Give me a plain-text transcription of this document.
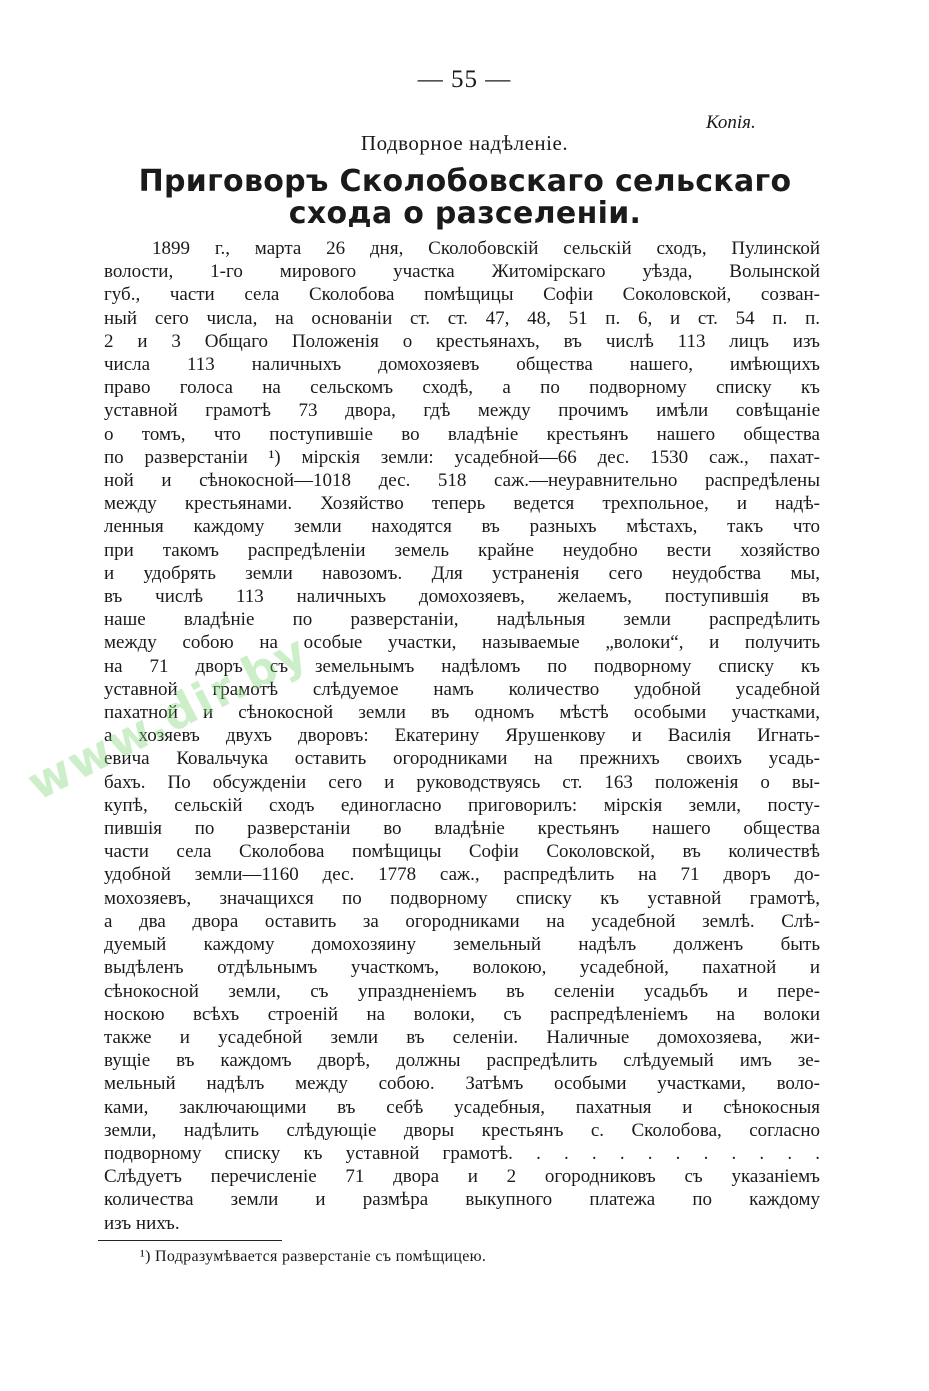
— 55 —
Копія.
Подворное надѣленіе.
Приговоръ Сколобовскаго сельскаго схода о разселеніи.
1899 г., марта 26 дня, Сколобовскій сельскій сходъ, Пулинской
волости, 1-го мирового участка Житомірскаго уѣзда, Волынской
губ., части села Сколобова помѣщицы Софіи Соколовской, созван-
ный сего числа, на основаніи ст. ст. 47, 48, 51 п. 6, и ст. 54 п. п.
2 и 3 Общаго Положенія о крестьянахъ, въ числѣ 113 лицъ изъ
числа 113 наличныхъ домохозяевъ общества нашего, имѣющихъ
право голоса на сельскомъ сходѣ, а по подворному списку къ
уставной грамотѣ 73 двора, гдѣ между прочимъ имѣли совѣщаніе
о томъ, что поступившіе во владѣніе крестьянъ нашего общества
по разверстаніи ¹) мірскія земли: усадебной—66 дес. 1530 саж., пахат-
ной и сѣнокосной—1018 дес. 518 саж.—неуравнительно распредѣлены
между крестьянами. Хозяйство теперь ведется трехпольное, и надѣ-
ленныя каждому земли находятся въ разныхъ мѣстахъ, такъ что
при такомъ распредѣленіи земель крайне неудобно вести хозяйство
и удобрять земли навозомъ. Для устраненія сего неудобства мы,
въ числѣ 113 наличныхъ домохозяевъ, желаемъ, поступившія въ
наше владѣніе по разверстаніи, надѣльныя земли распредѣлить
между собою на особые участки, называемые „волоки“, и получить
на 71 дворъ съ земельнымъ надѣломъ по подворному списку къ
уставной грамотѣ слѣдуемое намъ количество удобной усадебной
пахатной и сѣнокосной земли въ одномъ мѣстѣ особыми участками,
а хозяевъ двухъ дворовъ: Екатерину Ярушенкову и Василія Игнать-
евича Ковальчука оставить огородниками на прежнихъ своихъ усадь-
бахъ. По обсужденіи сего и руководствуясь ст. 163 положенія о вы-
купѣ, сельскій сходъ единогласно приговорилъ: мірскія земли, посту-
пившія по разверстаніи во владѣніе крестьянъ нашего общества
части села Сколобова помѣщицы Софіи Соколовской, въ количествѣ
удобной земли—1160 дес. 1778 саж., распредѣлить на 71 дворъ до-
мохозяевъ, значащихся по подворному списку къ уставной грамотѣ,
а два двора оставить за огородниками на усадебной землѣ. Слѣ-
дуемый каждому домохозяину земельный надѣлъ долженъ быть
выдѣленъ отдѣльнымъ участкомъ, волокою, усадебной, пахатной и
сѣнокосной земли, съ упраздненіемъ въ селеніи усадьбъ и пере-
носкою всѣхъ строеній на волоки, съ распредѣленіемъ на волоки
также и усадебной земли въ селеніи. Наличные домохозяева, жи-
вущіе въ каждомъ дворѣ, должны распредѣлить слѣдуемый имъ зе-
мельный надѣлъ между собою. Затѣмъ особыми участками, воло-
ками, заключающими въ себѣ усадебныя, пахатныя и сѣнокосныя
земли, надѣлить слѣдующіе дворы крестьянъ с. Сколобова, согласно
подворному списку къ уставной грамотѣ. . . . . . . . . . . .
Слѣдуетъ перечисленіе 71 двора и 2 огородниковъ съ указаніемъ
количества земли и размѣра выкупного платежа по каждому
изъ нихъ.
¹) Подразумѣвается разверстаніе съ помѣщицею.
www.dir.by
